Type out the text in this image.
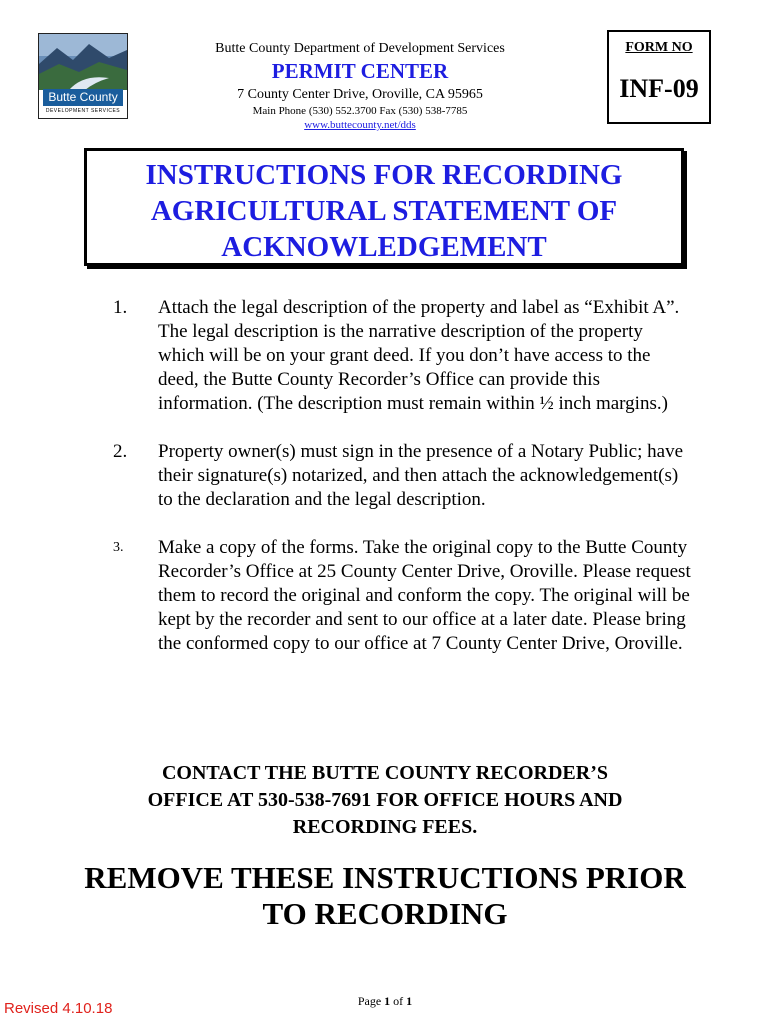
Butte County
DEVELOPMENT SERVICES
Butte County Department of Development Services
PERMIT CENTER
7 County Center Drive, Oroville, CA 95965
Main Phone (530) 552.3700 Fax (530) 538-7785
www.buttecounty.net/dds
FORM NO
INF-09
INSTRUCTIONS FOR RECORDING
AGRICULTURAL STATEMENT OF
ACKNOWLEDGEMENT
1.	Attach the legal description of the property and label as “Exhibit A”. The legal description is the narrative description of the property which will be on your grant deed. If you don’t have access to the deed, the Butte County Recorder’s Office can provide this information. (The description must remain within ½ inch margins.)
2.	Property owner(s) must sign in the presence of a Notary Public; have their signature(s) notarized, and then attach the acknowledgement(s) to the declaration and the legal description.
3.	Make a copy of the forms. Take the original copy to the Butte County Recorder’s Office at 25 County Center Drive, Oroville. Please request them to record the original and conform the copy. The original will be kept by the recorder and sent to our office at a later date. Please bring the conformed copy to our office at 7 County Center Drive, Oroville.
CONTACT THE BUTTE COUNTY RECORDER’S
OFFICE AT 530-538-7691 FOR OFFICE HOURS AND
RECORDING FEES.
REMOVE THESE INSTRUCTIONS PRIOR
TO RECORDING
Revised 4.10.18	Page 1 of 1
